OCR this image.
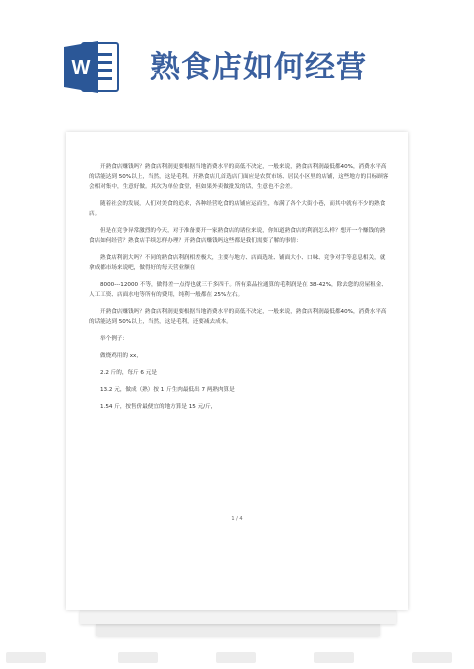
W 熟食店如何经营

开熟食店赚钱吗？熟食店利润更要根据当地消费水平的高低不决定，一般来说，熟食店利润最低都40%，消费水平高的话能达到 50%以上，当然，这是毛利。开熟食店几首选店门面应是农贸市场、居民小区里的店铺，这些地方的目标顾客会相对集中，生意好做。其次为单位食堂，但如果外卖做批发的话，生意也不会差。

随着社会的发展，人们对美食的追求，各种经营吃食的店铺应运而生，布满了各个大街小巷，而其中就有不少的熟食店。

但是在竞争异常激烈的今天，对于准备要开一家熟食店的诸位来说，你知道熟食店的利润怎么样？想开一个赚钱的熟食店如何经营？熟食店手续怎样办理？开熟食店赚钱吗这些都是我们需要了解的事情：

熟食店利润大吗？不同的熟食店利润相差极大，主要与地方、店面选址、铺面大小、口味、竞争对手等息息相关，就拿成都市场来说吧，做得好的每天营业额在

8000---12000 不等，做得差一点得也就三千多四千。所有菜品拉通算的毛利润是在 38-42%，除去您的房屋租金、人工工资、店面水电等所有的费用，纯利一般都在 25%左右。

开熟食店赚钱吗？熟食店利润更要根据当地消费水平的高低不决定，一般来说，熟食店利润最低都40%，消费水平高的话能达到 50%以上，当然，这是毛利，还要减去成本。

举个例子：

做烧鸡用的 xx，

2.2 斤的，每斤 6 元是

13.2 元，做成（熟）按 1 斤生肉最低出 7 两熟肉算是

1.54 斤，按售价最便宜的地方算是 15 元/斤，

1 / 4
